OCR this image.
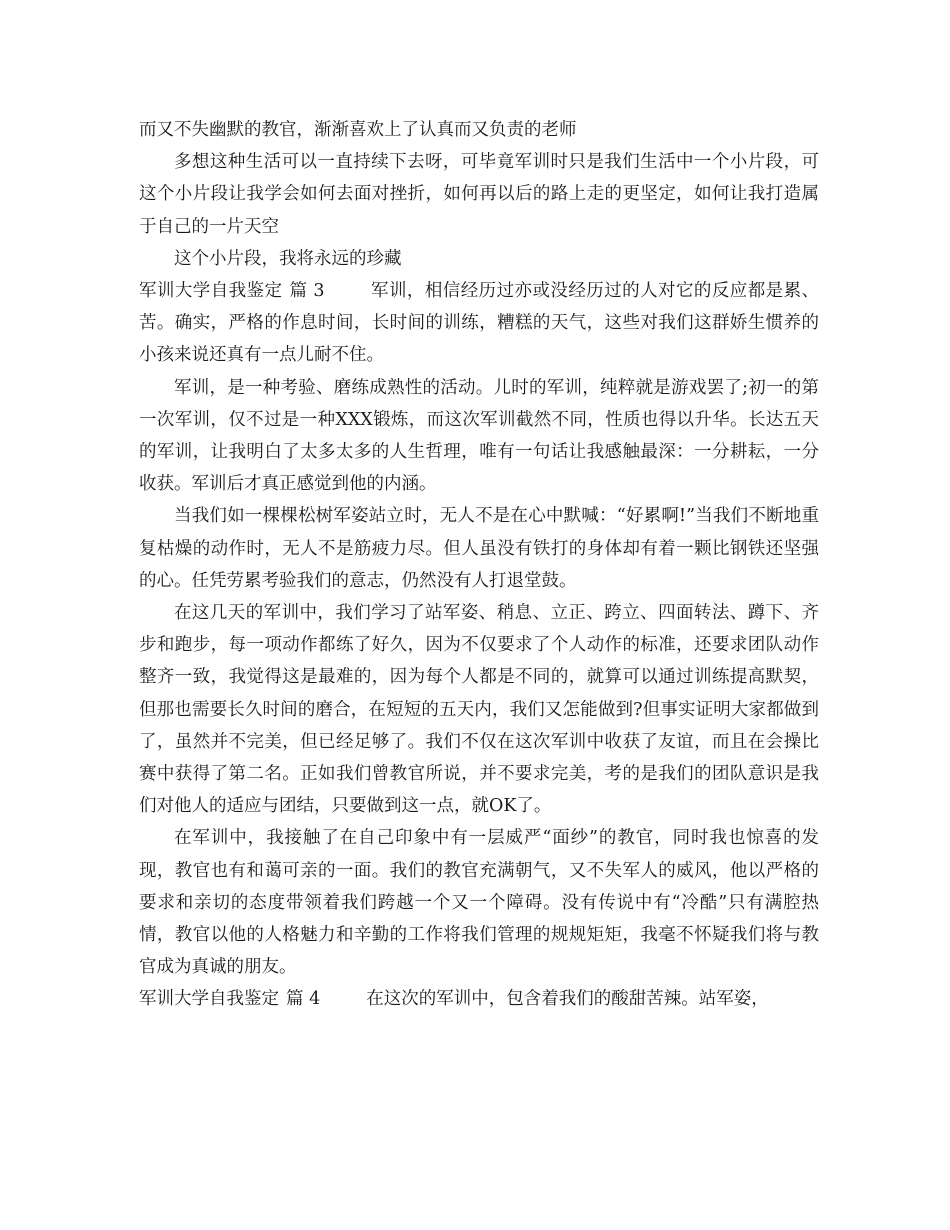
而又不失幽默的教官，渐渐喜欢上了认真而又负责的老师

多想这种生活可以一直持续下去呀，可毕竟军训时只是我们生活中一个小片段，可这个小片段让我学会如何去面对挫折，如何再以后的路上走的更坚定，如何让我打造属于自己的一片天空

这个小片段，我将永远的珍藏

军训大学自我鉴定 篇 3	军训，相信经历过亦或没经历过的人对它的反应都是累、苦。确实，严格的作息时间，长时间的训练，糟糕的天气，这些对我们这群娇生惯养的小孩来说还真有一点儿耐不住。

军训，是一种考验、磨练成熟性的活动。儿时的军训，纯粹就是游戏罢了;初一的第一次军训，仅不过是一种XXX锻炼，而这次军训截然不同，性质也得以升华。长达五天的军训，让我明白了太多太多的人生哲理，唯有一句话让我感触最深：一分耕耘，一分收获。军训后才真正感觉到他的内涵。

当我们如一棵棵松树军姿站立时，无人不是在心中默喊：“好累啊!”当我们不断地重复枯燥的动作时，无人不是筋疲力尽。但人虽没有铁打的身体却有着一颗比钢铁还坚强的心。任凭劳累考验我们的意志，仍然没有人打退堂鼓。

在这几天的军训中，我们学习了站军姿、稍息、立正、跨立、四面转法、蹲下、齐步和跑步，每一项动作都练了好久，因为不仅要求了个人动作的标准，还要求团队动作整齐一致，我觉得这是最难的，因为每个人都是不同的，就算可以通过训练提高默契，但那也需要长久时间的磨合，在短短的五天内，我们又怎能做到?但事实证明大家都做到了，虽然并不完美，但已经足够了。我们不仅在这次军训中收获了友谊，而且在会操比赛中获得了第二名。正如我们曾教官所说，并不要求完美，考的是我们的团队意识是我们对他人的适应与团结，只要做到这一点，就OK了。

在军训中，我接触了在自己印象中有一层威严“面纱”的教官，同时我也惊喜的发现，教官也有和蔼可亲的一面。我们的教官充满朝气，又不失军人的威风，他以严格的要求和亲切的态度带领着我们跨越一个又一个障碍。没有传说中有“冷酷”只有满腔热情，教官以他的人格魅力和辛勤的工作将我们管理的规规矩矩，我毫不怀疑我们将与教官成为真诚的朋友。

军训大学自我鉴定 篇 4	在这次的军训中，包含着我们的酸甜苦辣。站军姿，
